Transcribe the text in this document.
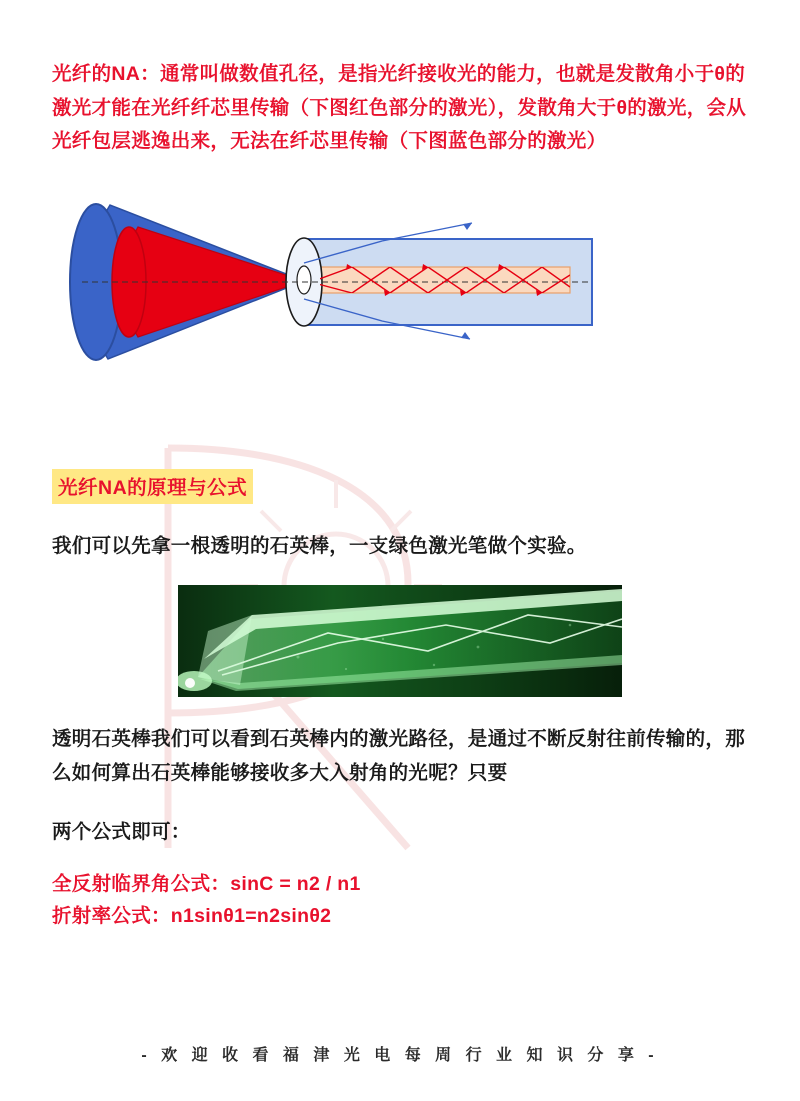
光纤的NA：通常叫做数值孔径，是指光纤接收光的能力，也就是发散角小于θ的激光才能在光纤纤芯里传输（下图红色部分的激光），发散角大于θ的激光，会从光纤包层逃逸出来，无法在纤芯里传输（下图蓝色部分的激光）

θ（
光纤NA的原理与公式

我们可以先拿一根透明的石英棒，一支绿色激光笔做个实验。

透明石英棒我们可以看到石英棒内的激光路径，是通过不断反射往前传输的，那么如何算出石英棒能够接收多大入射角的光呢？只要

两个公式即可：

全反射临界角公式：sinC = n2 / n1
折射率公式：n1sinθ1=n2sinθ2
- 欢 迎 收 看 福 津 光 电 每 周 行 业 知 识 分 享 -
